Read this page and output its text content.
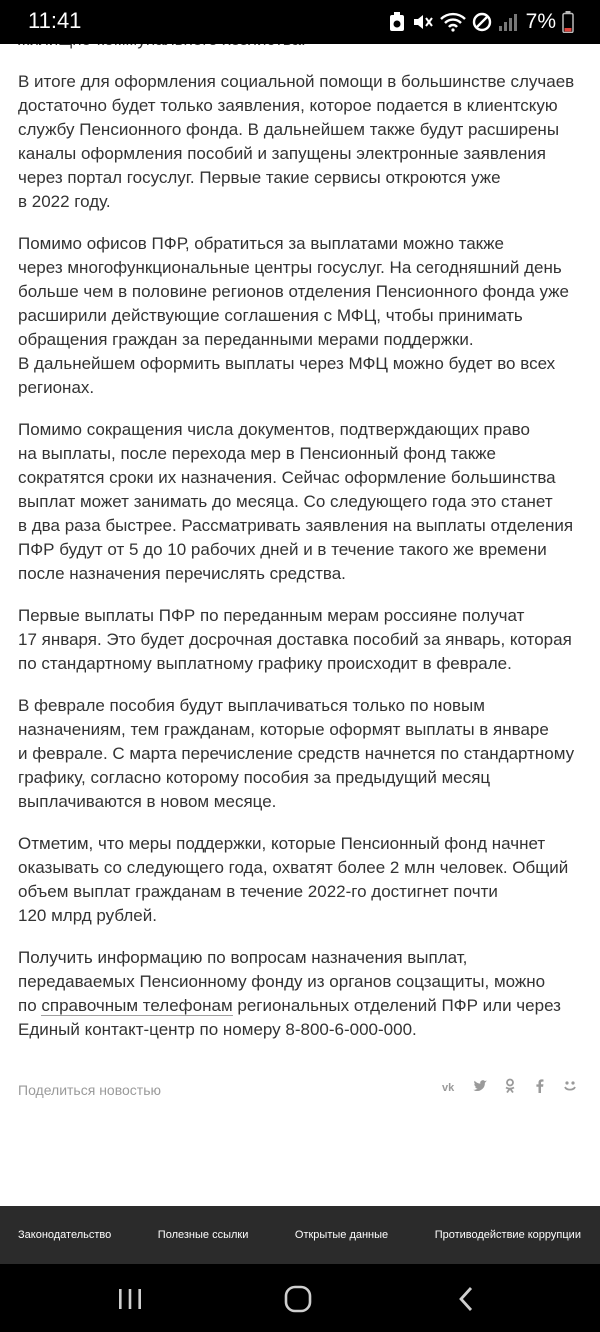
11:41	7%

В итоге для оформления социальной помощи в большинстве случаев
достаточно будет только заявления, которое подается в клиентскую
службу Пенсионного фонда. В дальнейшем также будут расширены
каналы оформления пособий и запущены электронные заявления
через портал госуслуг. Первые такие сервисы откроются уже
в 2022 году.

Помимо офисов ПФР, обратиться за выплатами можно также
через многофункциональные центры госуслуг. На сегодняшний день
больше чем в половине регионов отделения Пенсионного фонда уже
расширили действующие соглашения с МФЦ, чтобы принимать
обращения граждан за переданными мерами поддержки.
В дальнейшем оформить выплаты через МФЦ можно будет во всех
регионах.

Помимо сокращения числа документов, подтверждающих право
на выплаты, после перехода мер в Пенсионный фонд также
сократятся сроки их назначения. Сейчас оформление большинства
выплат может занимать до месяца. Со следующего года это станет
в два раза быстрее. Рассматривать заявления на выплаты отделения
ПФР будут от 5 до 10 рабочих дней и в течение такого же времени
после назначения перечислять средства.

Первые выплаты ПФР по переданным мерам россияне получат
17 января. Это будет досрочная доставка пособий за январь, которая
по стандартному выплатному графику происходит в феврале.

В феврале пособия будут выплачиваться только по новым
назначениям, тем гражданам, которые оформят выплаты в январе
и феврале. С марта перечисление средств начнется по стандартному
графику, согласно которому пособия за предыдущий месяц
выплачиваются в новом месяце.

Отметим, что меры поддержки, которые Пенсионный фонд начнет
оказывать со следующего года, охватят более 2 млн человек. Общий
объем выплат гражданам в течение 2022-го достигнет почти
120 млрд рублей.

Получить информацию по вопросам назначения выплат,
передаваемых Пенсионному фонду из органов соцзащиты, можно
по справочным телефонам региональных отделений ПФР или через
Единый контакт-центр по номеру 8-800-6-000-000.

Поделиться новостью	vk
Законодательство	Полезные ссылки	Открытые данные	Противодействие коррупции
